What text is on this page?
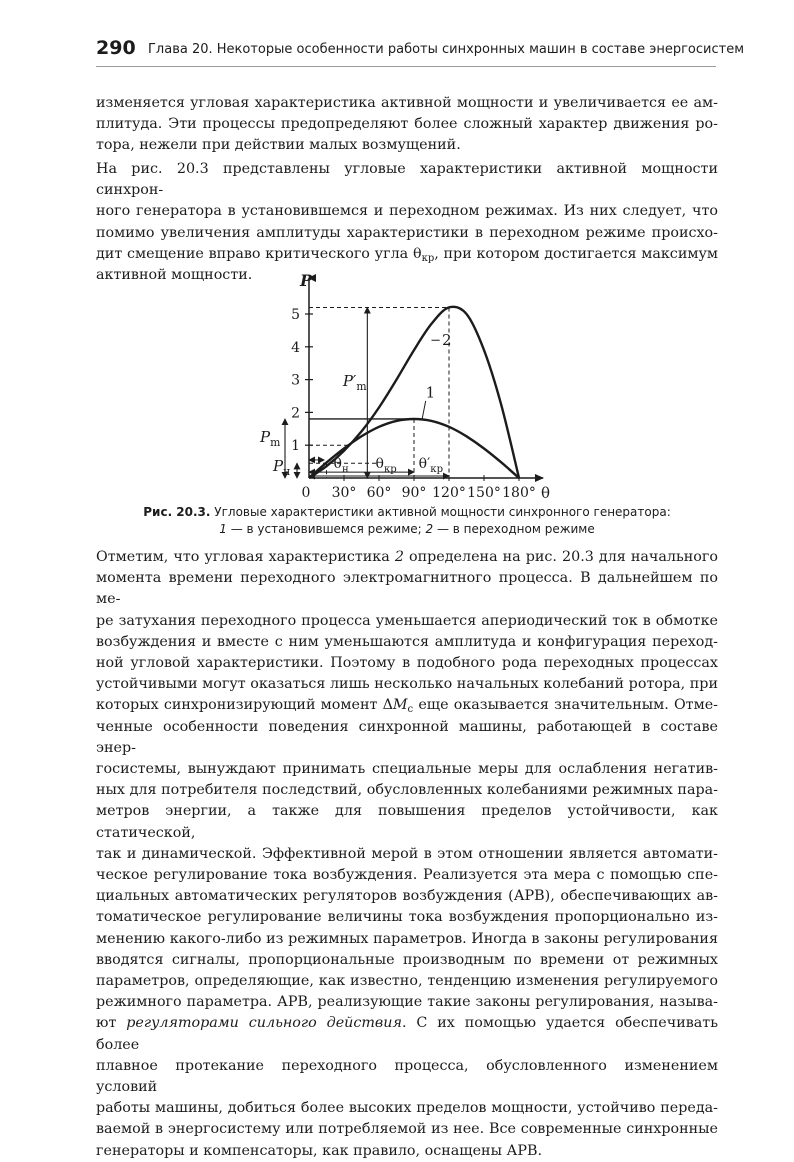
290 Глава 20. Некоторые особенности работы синхронных машин в составе энергосистем

изменяется угловая характеристика активной мощности и увеличивается ее ам-
плитуда. Эти процессы предопределяют более сложный характер движения ро-
тора, нежели при действии малых возмущений.

На рис. 20.3 представлены угловые характеристики активной мощности синхрон-
ного генератора в установившемся и переходном режимах. Из них следует, что
помимо увеличения амплитуды характеристики в переходном режиме происхо-
дит смещение вправо критического угла $\theta_{кр}$, при котором достигается максимум
активной мощности.	P
θ
1
2
3
4
5
0 30° 60° 90° 120° 150° 180°
2
1
$P_m$
$P_н$
$P'_m$
$\theta_н$ $\theta_{кр}$ $\theta'_{кр}$
Рис. 20.3. Угловые характеристики активной мощности синхронного генератора:
1 — в установившемся режиме; 2 — в переходном режиме

Отметим, что угловая характеристика 2 определена на рис. 20.3 для начального
момента времени переходного электромагнитного процесса. В дальнейшем по ме-
ре затухания переходного процесса уменьшается апериодический ток в обмотке
возбуждения и вместе с ним уменьшаются амплитуда и конфигурация переход-
ной угловой характеристики. Поэтому в подобного рода переходных процессах
устойчивыми могут оказаться лишь несколько начальных колебаний ротора, при
которых синхронизирующий момент $\Delta M_с$ еще оказывается значительным. Отме-
ченные особенности поведения синхронной машины, работающей в составе энер-
госистемы, вынуждают принимать специальные меры для ослабления негатив-
ных для потребителя последствий, обусловленных колебаниями режимных пара-
метров энергии, а также для повышения пределов устойчивости, как статической,
так и динамической. Эффективной мерой в этом отношении является автомати-
ческое регулирование тока возбуждения. Реализуется эта мера с помощью спе-
циальных автоматических регуляторов возбуждения (АРВ), обеспечивающих ав-
томатическое регулирование величины тока возбуждения пропорционально из-
менению какого-либо из режимных параметров. Иногда в законы регулирования
вводятся сигналы, пропорциональные производным по времени от режимных
параметров, определяющие, как известно, тенденцию изменения регулируемого
режимного параметра. АРВ, реализующие такие законы регулирования, называ-
ют регуляторами сильного действия. С их помощью удается обеспечивать более
плавное протекание переходного процесса, обусловленного изменением условий
работы машины, добиться более высоких пределов мощности, устойчиво переда-
ваемой в энергосистему или потребляемой из нее. Все современные синхронные
генераторы и компенсаторы, как правило, оснащены АРВ.
